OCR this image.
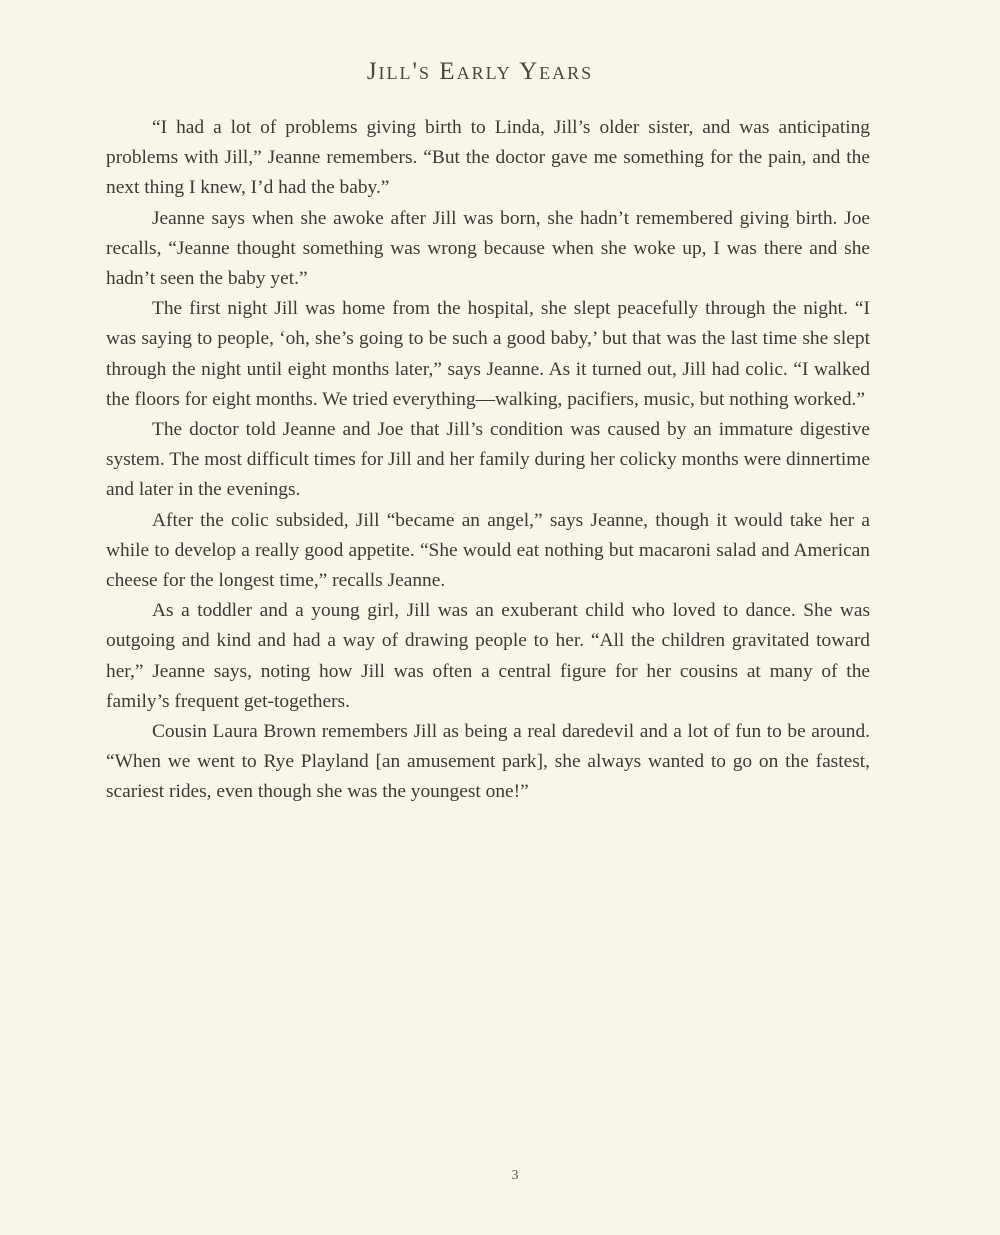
Jill's Early Years

“I had a lot of problems giving birth to Linda, Jill’s older sister, and was anticipating problems with Jill,” Jeanne remembers. “But the doctor gave me something for the pain, and the next thing I knew, I’d had the baby.”

Jeanne says when she awoke after Jill was born, she hadn’t remembered giving birth. Joe recalls, “Jeanne thought something was wrong because when she woke up, I was there and she hadn’t seen the baby yet.”

The first night Jill was home from the hospital, she slept peacefully through the night. “I was saying to people, ‘oh, she’s going to be such a good baby,’ but that was the last time she slept through the night until eight months later,” says Jeanne. As it turned out, Jill had colic. “I walked the floors for eight months. We tried everything—walking, pacifiers, music, but nothing worked.”

The doctor told Jeanne and Joe that Jill’s condition was caused by an immature digestive system. The most difficult times for Jill and her family during her colicky months were dinnertime and later in the evenings.

After the colic subsided, Jill “became an angel,” says Jeanne, though it would take her a while to develop a really good appetite. “She would eat nothing but macaroni salad and American cheese for the longest time,” recalls Jeanne.

As a toddler and a young girl, Jill was an exuberant child who loved to dance. She was outgoing and kind and had a way of drawing people to her. “All the children gravitated toward her,” Jeanne says, noting how Jill was often a central figure for her cousins at many of the family’s frequent get-togethers.

Cousin Laura Brown remembers Jill as being a real daredevil and a lot of fun to be around. “When we went to Rye Playland [an amusement park], she always wanted to go on the fastest, scariest rides, even though she was the youngest one!”

3
